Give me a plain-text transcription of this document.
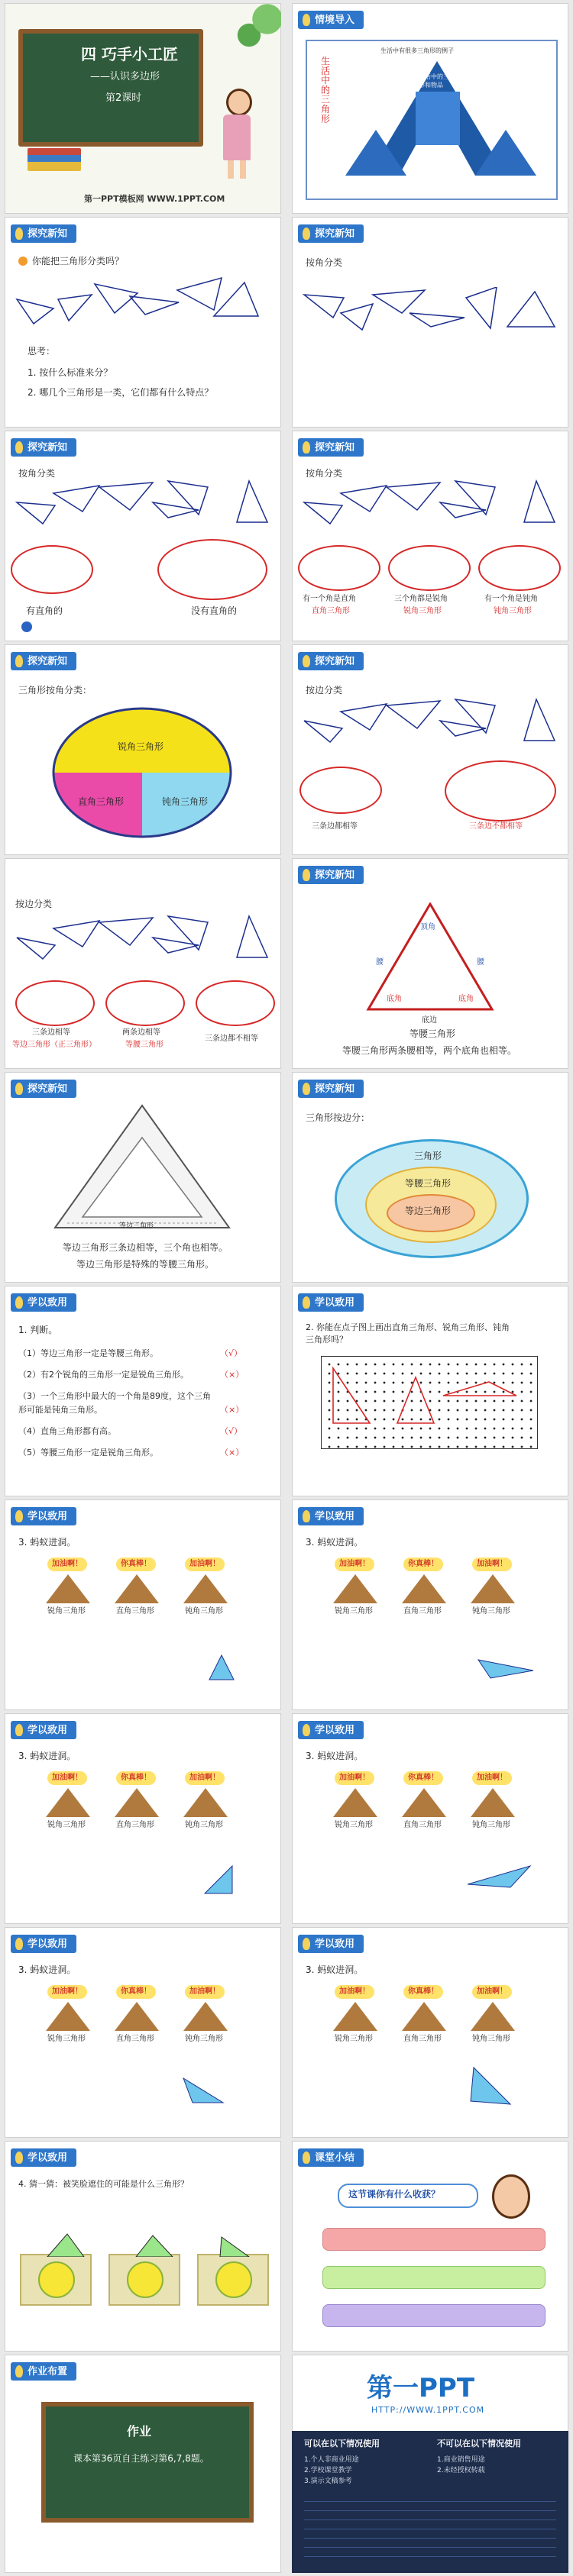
四 巧手小工匠
——认识多边形
第2课时
第一PPT模板网 WWW.1PPT.COM
情境导入
生活中的三角形
生活中有很多三角形的例子
生活中的三角形和物品
探究新知
你能把三角形分类吗？
思考：
1. 按什么标准来分？
2. 哪几个三角形是一类，它们都有什么特点？
探究新知
按角分类
探究新知
按角分类
有直角的	没有直角的
探究新知
按角分类
有一个角是直角
直角三角形
三个角都是锐角
锐角三角形
有一个角是钝角
钝角三角形
探究新知
三角形按角分类：
锐角三角形
直角三角形	钝角三角形
探究新知
按边分类
三条边都相等	三条边不都相等
按边分类
三条边相等
等边三角形（正三角形）
两条边相等
等腰三角形
三条边都不相等
探究新知
顶角
腰	腰
底角	底角
底边
等腰三角形
等腰三角形两条腰相等，两个底角也相等。
探究新知
等边三角形
等边三角形三条边相等，三个角也相等。
等边三角形是特殊的等腰三角形。
探究新知
三角形按边分：
三角形
等腰三角形
等边三角形
学以致用
1. 判断。
（1）等边三角形一定是等腰三角形。	（√）
（2）有2个锐角的三角形一定是锐角三角形。	（×）
（3）一个三角形中最大的一个角是89度，这个三角
形可能是钝角三角形。	（×）
（4）直角三角形都有高。	（√）
（5）等腰三角形一定是锐角三角形。	（×）
学以致用
2. 你能在点子图上画出直角三角形、锐角三角形、钝角
三角形吗？
学以致用
3. 蚂蚁进洞。
加油啊！	你真棒！	加油啊！
锐角三角形	直角三角形	钝角三角形
学以致用
3. 蚂蚁进洞。
加油啊！	你真棒！	加油啊！
锐角三角形	直角三角形	钝角三角形
学以致用
3. 蚂蚁进洞。
加油啊！	你真棒！	加油啊！
锐角三角形	直角三角形	钝角三角形
学以致用
3. 蚂蚁进洞。
加油啊！	你真棒！	加油啊！
锐角三角形	直角三角形	钝角三角形
学以致用
3. 蚂蚁进洞。
加油啊！	你真棒！	加油啊！
锐角三角形	直角三角形	钝角三角形
学以致用
3. 蚂蚁进洞。
加油啊！	你真棒！	加油啊！
锐角三角形	直角三角形	钝角三角形
学以致用
4. 猜一猜：被笑脸遮住的可能是什么三角形？
课堂小结
这节课你有什么收获？
作业布置
作业
课本第36页自主练习第6,7,8题。
第一PPT
HTTP://WWW.1PPT.COM
可以在以下情况使用	不可以在以下情况使用
1.个人非商业用途
2.学校课堂教学
3.演示文稿参考
1.商业销售用途
2.未经授权转载
